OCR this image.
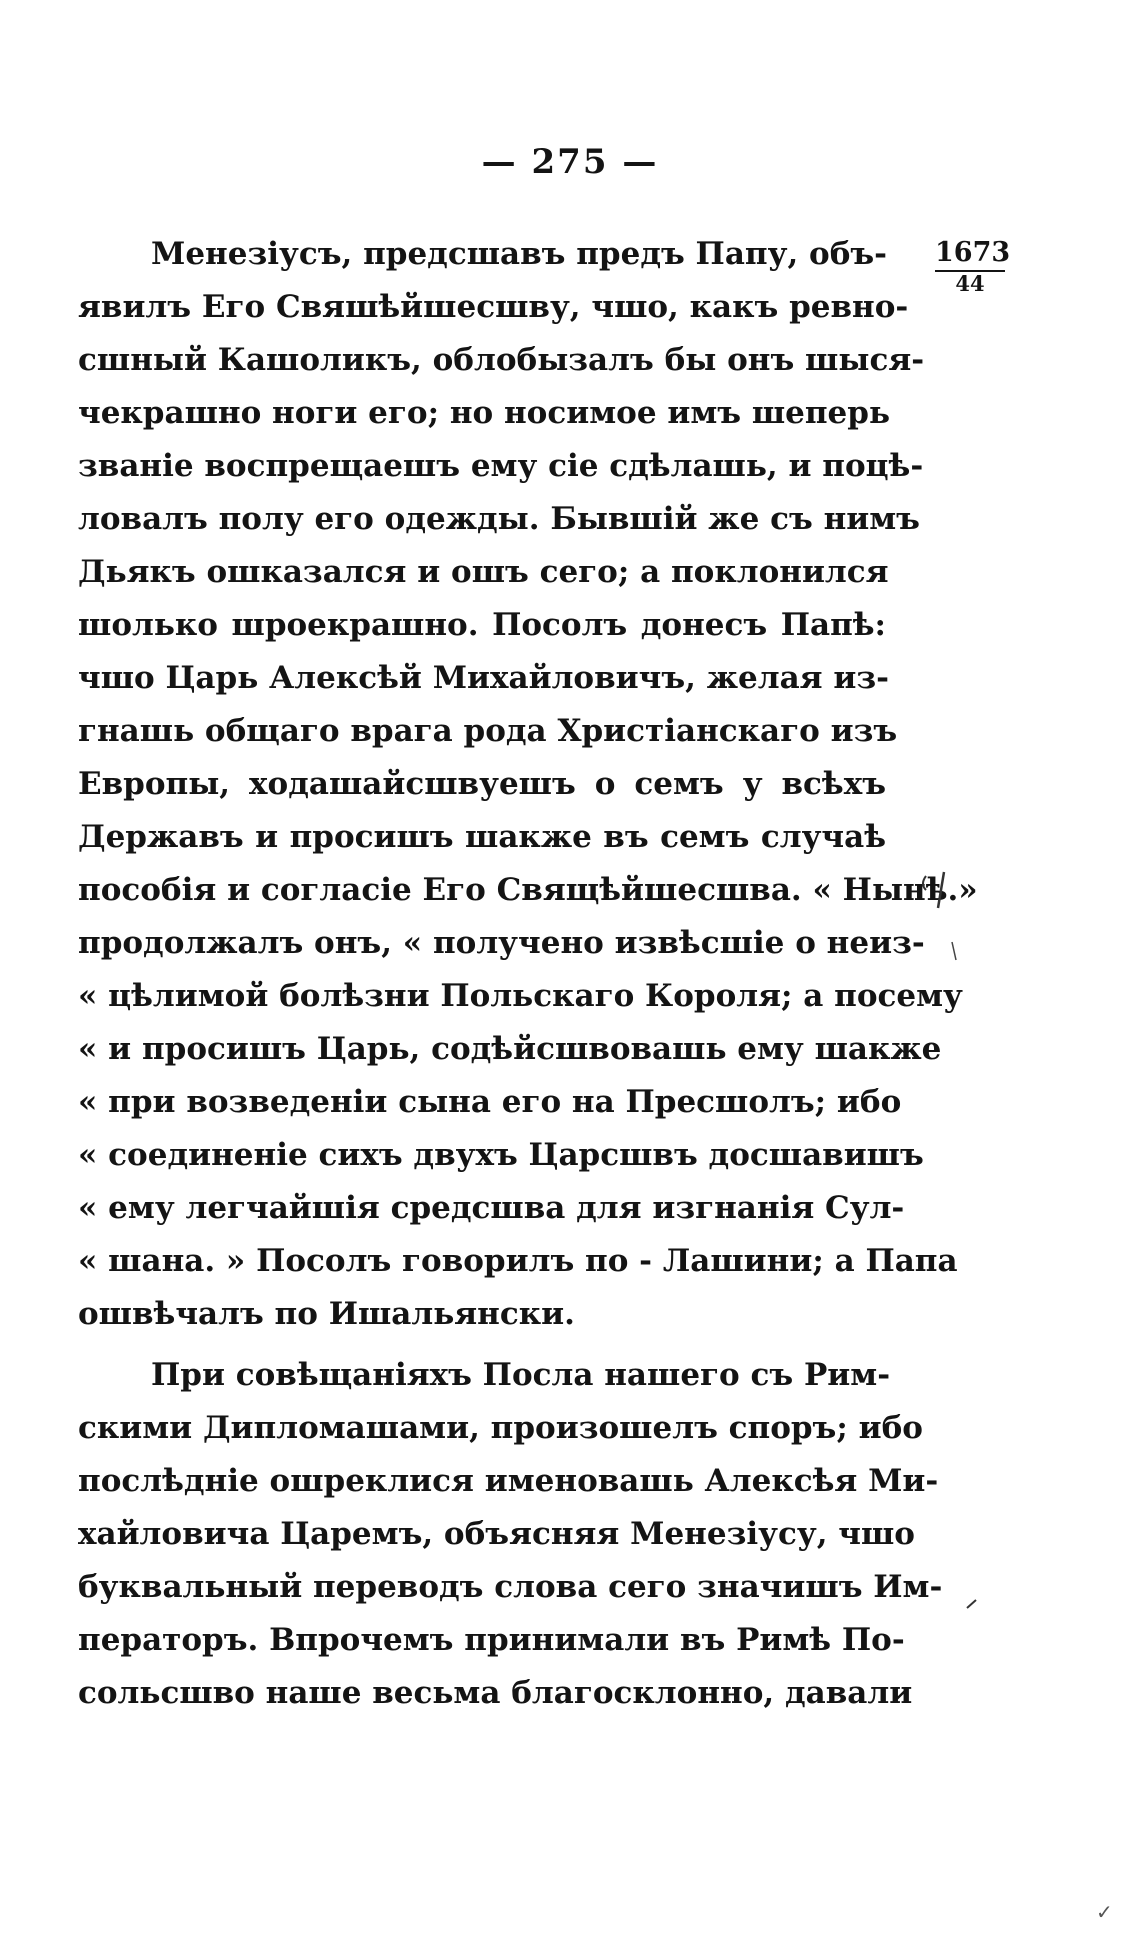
— 275 —
1673
44
Менезіусъ, предсшавъ предъ Папу, объ-
явилъ Его Свяшѣйшесшву, чшо, какъ ревно-
сшный Кашоликъ, облобызалъ бы онъ шыся-
чекрашно ноги его; но носимое имъ шеперь
званіе воспрещаешъ ему сіе сдѣлашь, и поцѣ-
ловалъ полу его одежды. Бывшій же съ нимъ
Дьякъ ошказался и ошъ сего; а поклонился
шолько шроекрашно. Посолъ донесъ Папѣ:
чшо Царь Алексѣй Михайловичъ, желая из-
гнашь общаго врага рода Христіанскаго изъ
Европы, ходашайсшвуешъ о семъ у всѣхъ
Державъ и просишъ шакже въ семъ случаѣ
пособія и согласіе Его Свящѣйшесшва. « Нынѣ.»
продолжалъ онъ, « получено извѣсшіе о неиз-
« цѣлимой болѣзни Польскаго Короля; а посему
« и просишъ Царь, содѣйсшвовашь ему шакже
« при возведеніи сына его на Пресшолъ; ибо
« соединеніе сихъ двухъ Царсшвъ досшавишъ
« ему легчайшія средсшва для изгнанія Сул-
« шана. » Посолъ говорилъ по - Лашини; а Папа
ошвѣчалъ по Ишальянски.
При совѣщаніяхъ Посла нашего съ Рим-
скими Дипломашами, произошелъ споръ; ибо
послѣдніе ошреклися именовашь Алексѣя Ми-
хайловича Царемъ, объясняя Менезіусу, чшо
буквальный переводъ слова сего значишъ Им-
ператоръ. Впрочемъ принимали въ Римѣ По-
сольсшво наше весьма благосклонно, давали
✓
